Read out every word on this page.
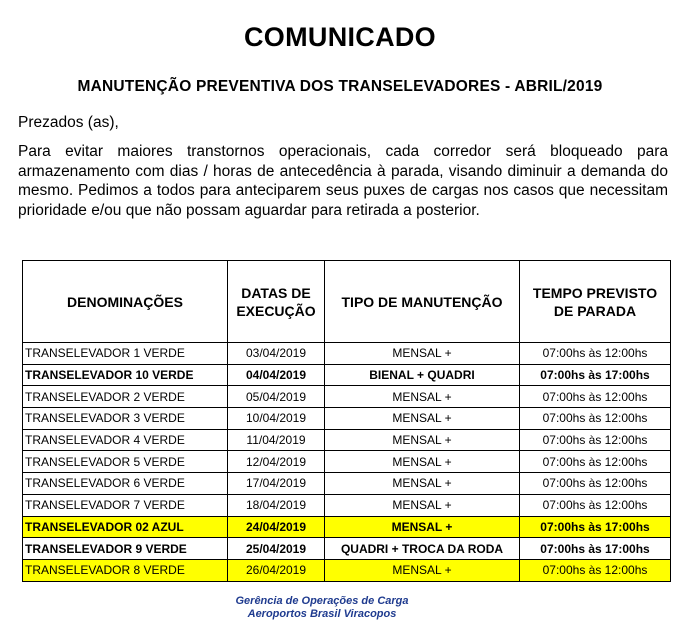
COMUNICADO
MANUTENÇÃO PREVENTIVA DOS TRANSELEVADORES - ABRIL/2019
Prezados (as),
Para evitar maiores transtornos operacionais, cada corredor será bloqueado para armazenamento com dias / horas de antecedência à parada, visando diminuir a demanda do mesmo. Pedimos a todos para anteciparem seus puxes de cargas nos casos que necessitam prioridade e/ou que não possam aguardar para retirada a posterior.
DENOMINAÇÕES	DATAS DE EXECUÇÃO	TIPO DE MANUTENÇÃO	TEMPO PREVISTO DE PARADA
TRANSELEVADOR 1 VERDE	03/04/2019	MENSAL +	07:00hs às 12:00hs
TRANSELEVADOR 10 VERDE	04/04/2019	BIENAL + QUADRI	07:00hs às 17:00hs
TRANSELEVADOR 2 VERDE	05/04/2019	MENSAL +	07:00hs às 12:00hs
TRANSELEVADOR 3 VERDE	10/04/2019	MENSAL +	07:00hs às 12:00hs
TRANSELEVADOR 4 VERDE	11/04/2019	MENSAL +	07:00hs às 12:00hs
TRANSELEVADOR 5 VERDE	12/04/2019	MENSAL +	07:00hs às 12:00hs
TRANSELEVADOR 6 VERDE	17/04/2019	MENSAL +	07:00hs às 12:00hs
TRANSELEVADOR 7 VERDE	18/04/2019	MENSAL +	07:00hs às 12:00hs
TRANSELEVADOR 02 AZUL	24/04/2019	MENSAL +	07:00hs às 17:00hs
TRANSELEVADOR 9 VERDE	25/04/2019	QUADRI + TROCA DA RODA	07:00hs às 17:00hs
TRANSELEVADOR 8 VERDE	26/04/2019	MENSAL +	07:00hs às 12:00hs
Gerência de Operações de Carga
Aeroportos Brasil Viracopos
